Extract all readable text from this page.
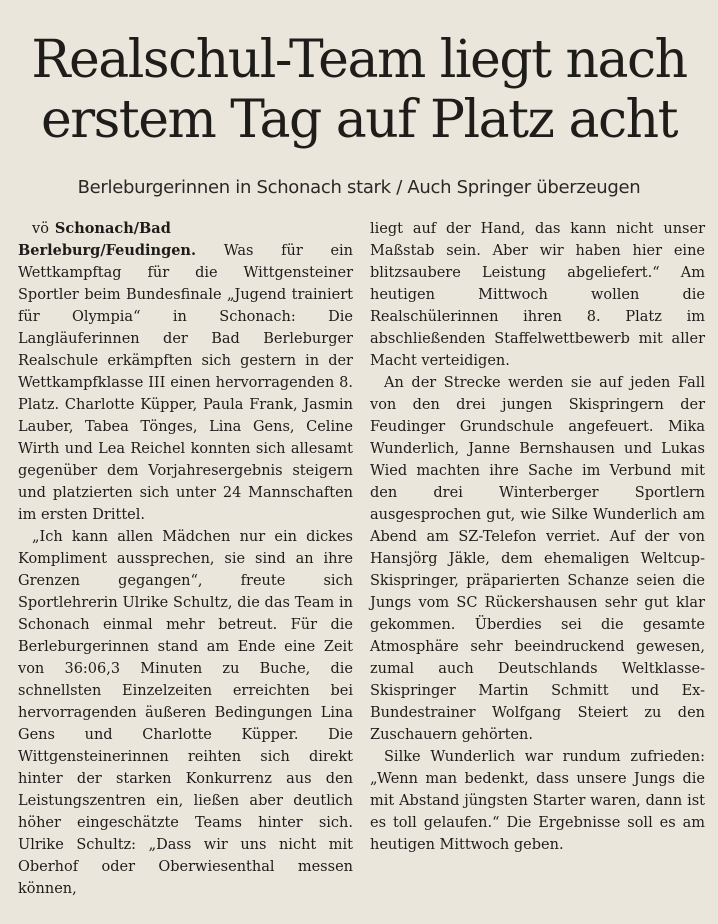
Realschul-Team liegt nach
erstem Tag auf Platz acht
Berleburgerinnen in Schonach stark / Auch Springer überzeugen

vö Schonach/Bad Berleburg/Feudingen. Was für ein Wettkampftag für die Wittgensteiner Sportler beim Bundesfinale „Jugend trainiert für Olympia“ in Schonach: Die Langläuferinnen der Bad Berleburger Realschule erkämpften sich gestern in der Wettkampfklasse III einen hervorragenden 8. Platz. Charlotte Küpper, Paula Frank, Jasmin Lauber, Tabea Tönges, Lina Gens, Celine Wirth und Lea Reichel konnten sich allesamt gegenüber dem Vorjahresergebnis steigern und platzierten sich unter 24 Mannschaften im ersten Drittel.

„Ich kann allen Mädchen nur ein dickes Kompliment aussprechen, sie sind an ihre Grenzen gegangen“, freute sich Sportlehrerin Ulrike Schultz, die das Team in Schonach einmal mehr betreut. Für die Berleburgerinnen stand am Ende eine Zeit von 36:06,3 Minuten zu Buche, die schnellsten Einzelzeiten erreichten bei hervorragenden äußeren Bedingungen Lina Gens und Charlotte Küpper. Die Wittgensteinerinnen reihten sich direkt hinter der starken Konkurrenz aus den Leistungszentren ein, ließen aber deutlich höher eingeschätzte Teams hinter sich. Ulrike Schultz: „Dass wir uns nicht mit Oberhof oder Oberwiesenthal messen können,

liegt auf der Hand, das kann nicht unser Maßstab sein. Aber wir haben hier eine blitzsaubere Leistung abgeliefert.“ Am heutigen Mittwoch wollen die Realschülerinnen ihren 8. Platz im abschließenden Staffelwettbewerb mit aller Macht verteidigen.

An der Strecke werden sie auf jeden Fall von den drei jungen Skispringern der Feudinger Grundschule angefeuert. Mika Wunderlich, Janne Bernshausen und Lukas Wied machten ihre Sache im Verbund mit den drei Winterberger Sportlern ausgesprochen gut, wie Silke Wunderlich am Abend am SZ-Telefon verriet. Auf der von Hansjörg Jäkle, dem ehemaligen Weltcup-Skispringer, präparierten Schanze seien die Jungs vom SC Rückershausen sehr gut klar gekommen. Überdies sei die gesamte Atmosphäre sehr beeindruckend gewesen, zumal auch Deutschlands Weltklasse-Skispringer Martin Schmitt und Ex-Bundestrainer Wolfgang Steiert zu den Zuschauern gehörten.

Silke Wunderlich war rundum zufrieden: „Wenn man bedenkt, dass unsere Jungs die mit Abstand jüngsten Starter waren, dann ist es toll gelaufen.“ Die Ergebnisse soll es am heutigen Mittwoch geben.
